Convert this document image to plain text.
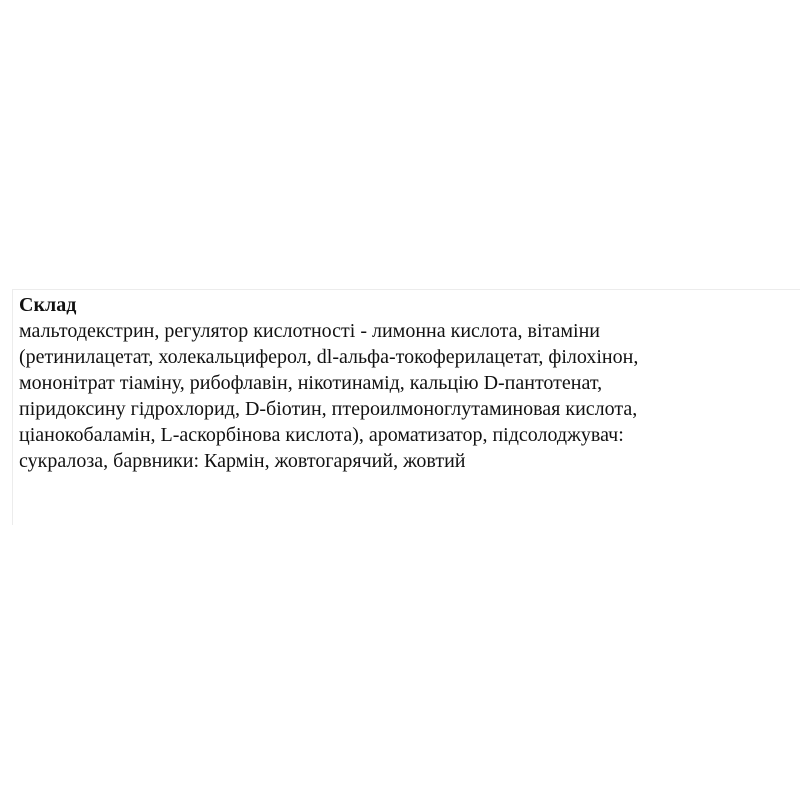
Склад

мальтодекстрин, регулятор кислотності - лимонна кислота, вітаміни

(ретинилацетат, холекальциферол, dl-альфа-токоферилацетат, філохінон,

мононітрат тіаміну, рибофлавін, нікотинамід, кальцію D-пантотенат,

піридоксину гідрохлорид, D-біотин, птероилмоноглутаминовая кислота,

ціанокобаламін, L-аскорбінова кислота), ароматизатор, підсолоджувач:

сукралоза, барвники: Кармін, жовтогарячий, жовтий
